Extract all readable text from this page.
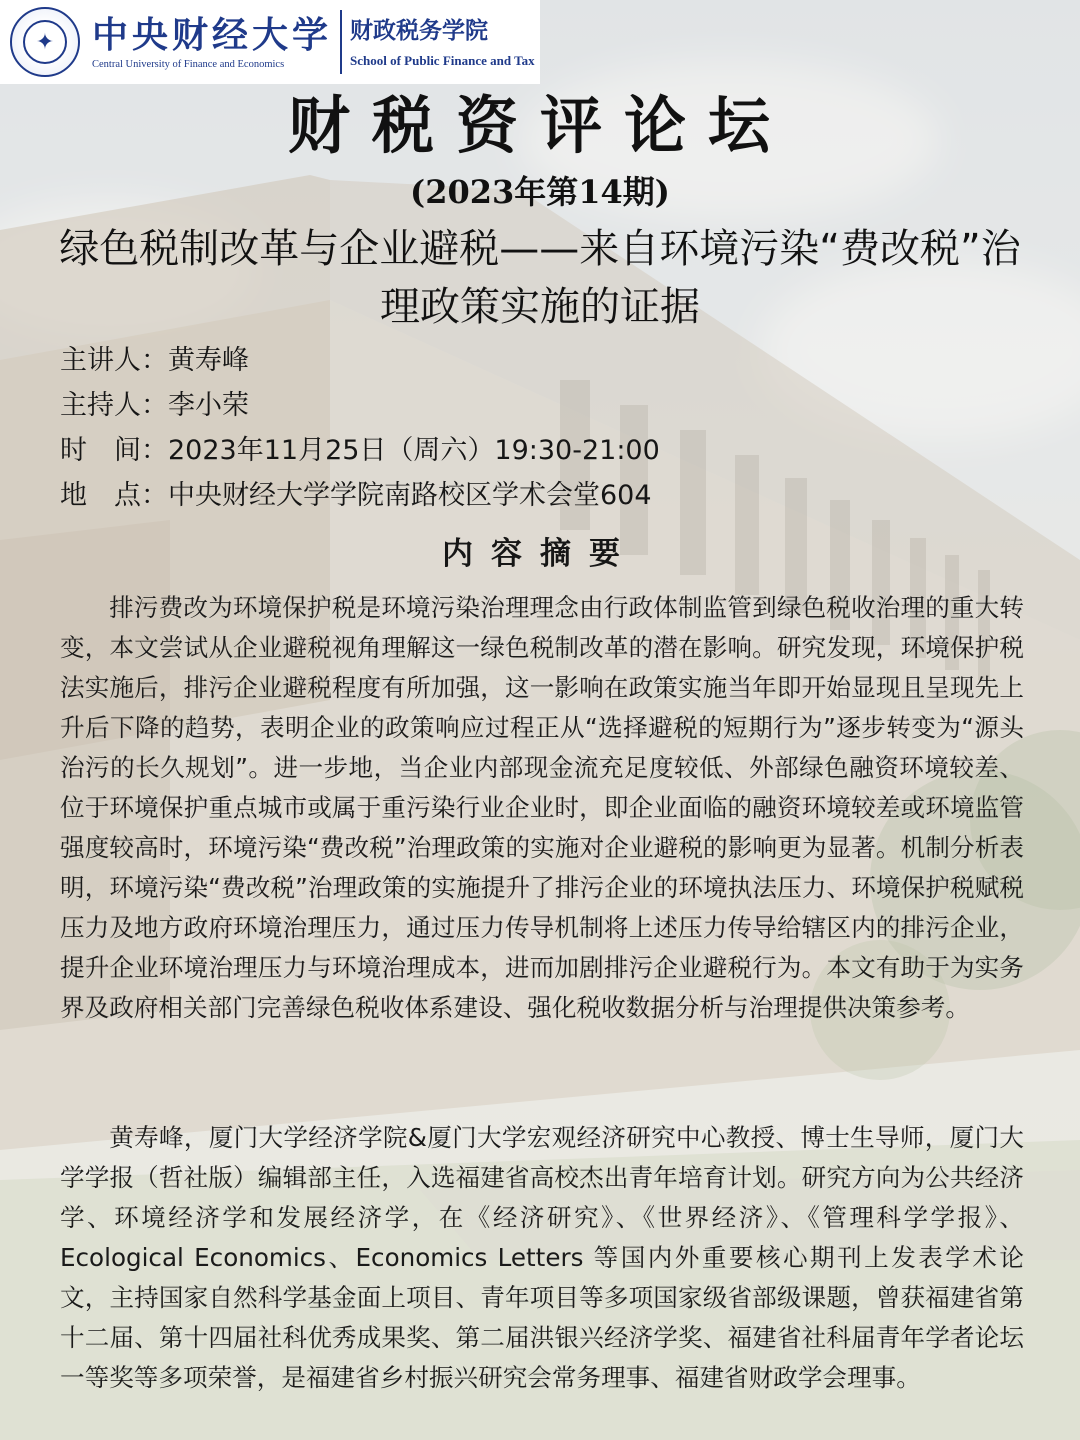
✦	中央财经大学
Central University of Finance and Economics
财政税务学院
School of Public Finance and Tax
财税资评论坛
(2023年第14期)
绿色税制改革与企业避税——来自环境污染“费改税”治理政策实施的证据
主讲人：黄寿峰
主持人：李小荣
时　间：2023年11月25日（周六）19:30-21:00
地　点：中央财经大学学院南路校区学术会堂604
内容摘要

排污费改为环境保护税是环境污染治理理念由行政体制监管到绿色税收治理的重大转变，本文尝试从企业避税视角理解这一绿色税制改革的潜在影响。研究发现，环境保护税法实施后，排污企业避税程度有所加强，这一影响在政策实施当年即开始显现且呈现先上升后下降的趋势，表明企业的政策响应过程正从“选择避税的短期行为”逐步转变为“源头治污的长久规划”。进一步地，当企业内部现金流充足度较低、外部绿色融资环境较差、位于环境保护重点城市或属于重污染行业企业时，即企业面临的融资环境较差或环境监管强度较高时，环境污染“费改税”治理政策的实施对企业避税的影响更为显著。机制分析表明，环境污染“费改税”治理政策的实施提升了排污企业的环境执法压力、环境保护税赋税压力及地方政府环境治理压力，通过压力传导机制将上述压力传导给辖区内的排污企业，提升企业环境治理压力与环境治理成本，进而加剧排污企业避税行为。本文有助于为实务界及政府相关部门完善绿色税收体系建设、强化税收数据分析与治理提供决策参考。

黄寿峰，厦门大学经济学院&厦门大学宏观经济研究中心教授、博士生导师，厦门大学学报（哲社版）编辑部主任，入选福建省高校杰出青年培育计划。研究方向为公共经济学、环境经济学和发展经济学，在《经济研究》、《世界经济》、《管理科学学报》、Ecological Economics、Economics Letters 等国内外重要核心期刊上发表学术论文，主持国家自然科学基金面上项目、青年项目等多项国家级省部级课题，曾获福建省第十二届、第十四届社科优秀成果奖、第二届洪银兴经济学奖、福建省社科届青年学者论坛一等奖等多项荣誉，是福建省乡村振兴研究会常务理事、福建省财政学会理事。
